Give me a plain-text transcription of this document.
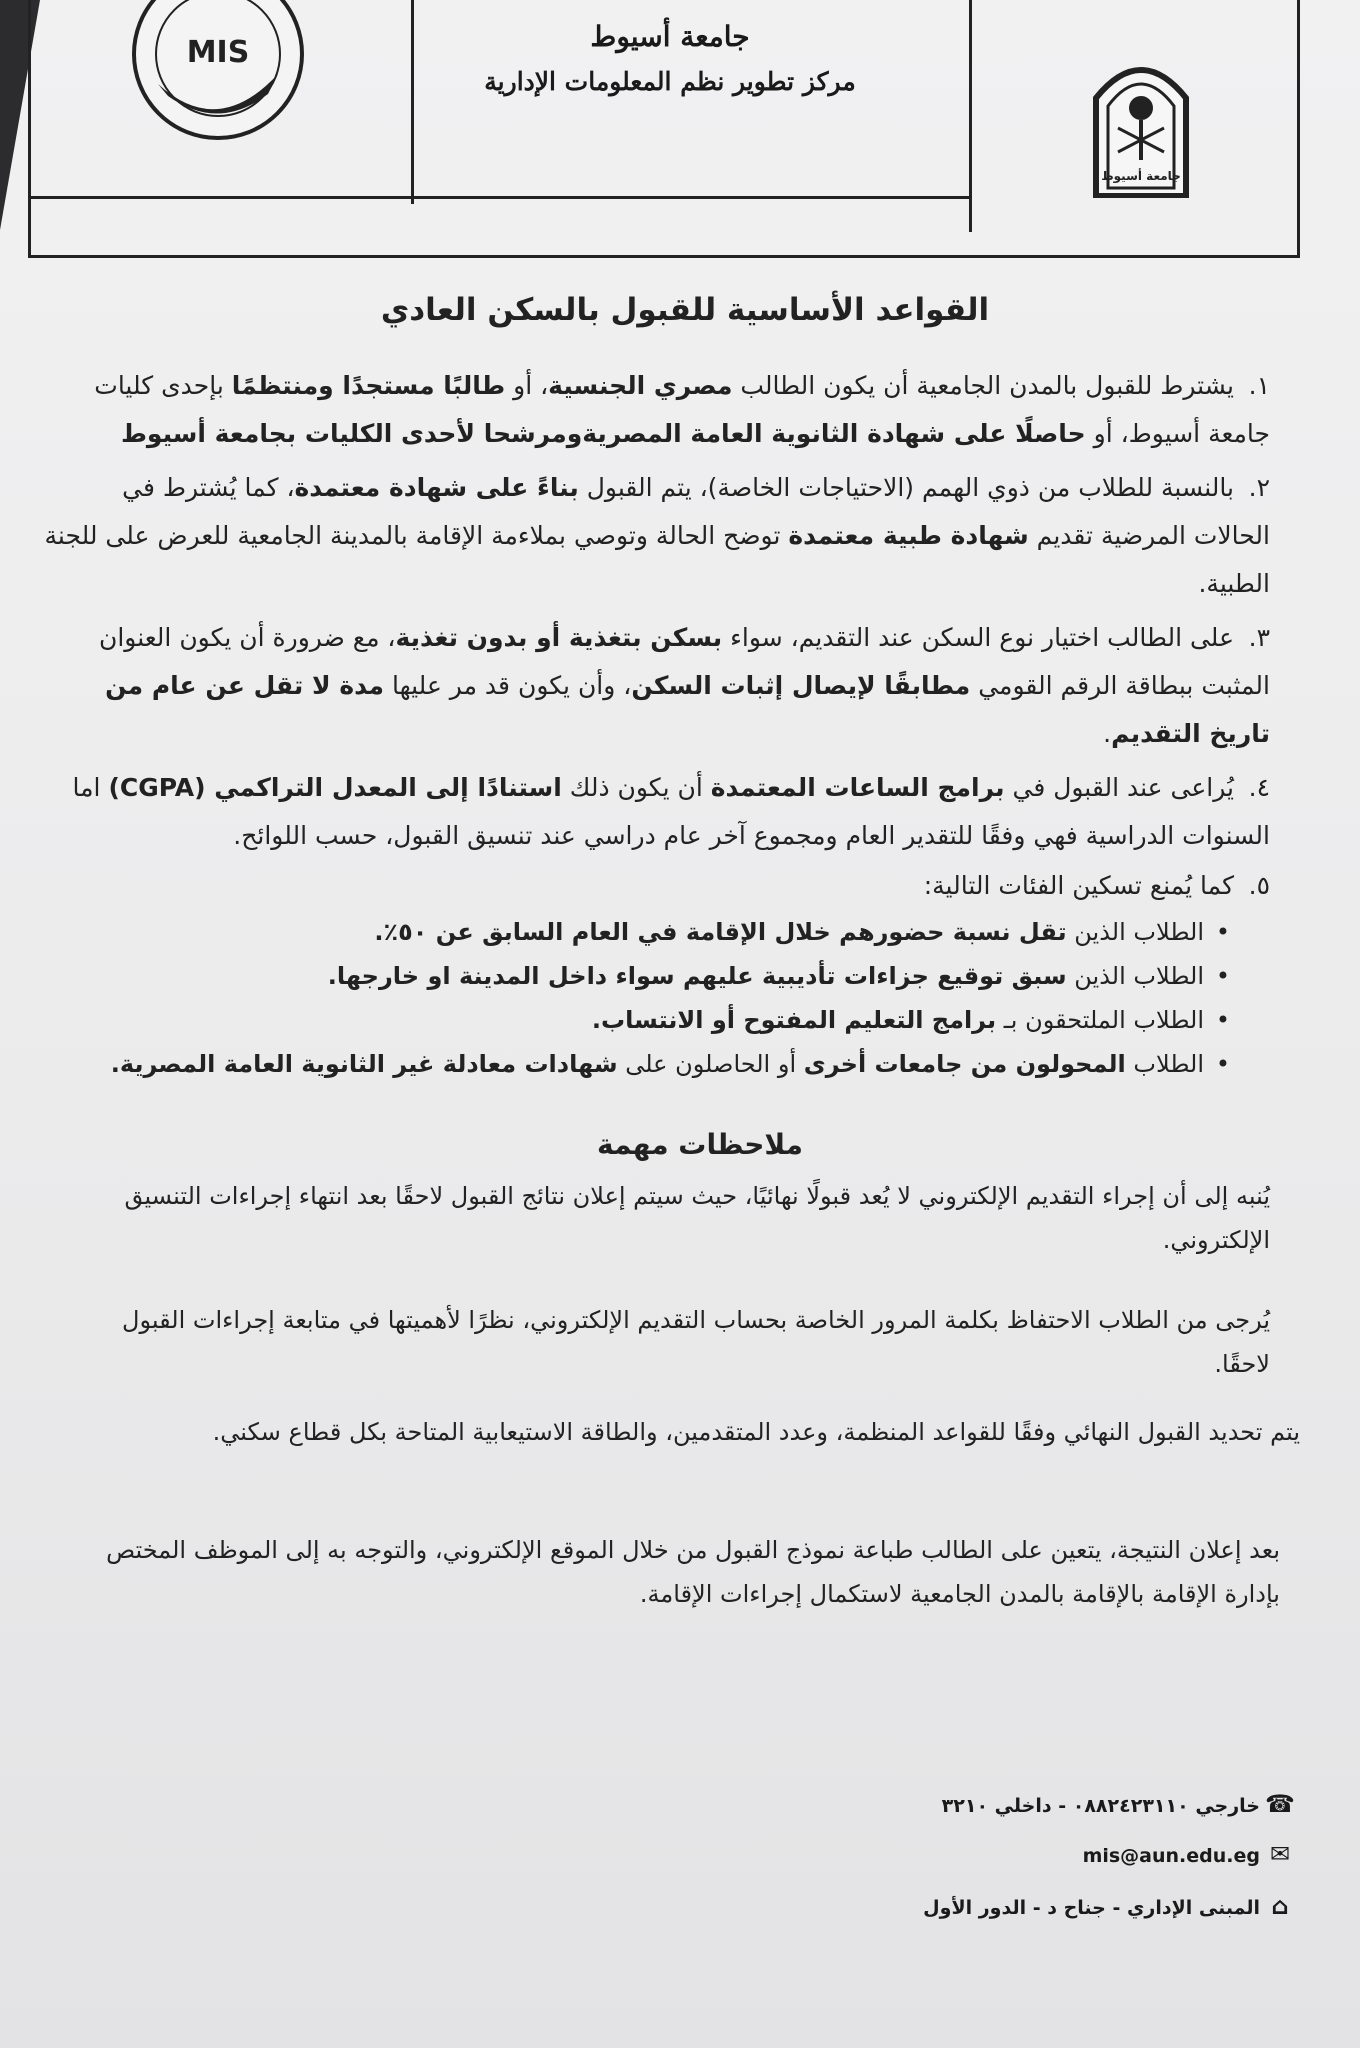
MIS
جامعة أسيوط
جامعة أسيوط
مركز تطوير نظم المعلومات الإدارية
القواعد الأساسية للقبول بالسكن العادي
١.يشترط للقبول بالمدن الجامعية أن يكون الطالب مصري الجنسية، أو طالبًا مستجدًا ومنتظمًا بإحدى كليات جامعة أسيوط، أو حاصلًا على شهادة الثانوية العامة المصريةومرشحا لأحدى الكليات بجامعة أسيوط
٢.بالنسبة للطلاب من ذوي الهمم (الاحتياجات الخاصة)، يتم القبول بناءً على شهادة معتمدة، كما يُشترط في الحالات المرضية تقديم شهادة طبية معتمدة توضح الحالة وتوصي بملاءمة الإقامة بالمدينة الجامعية للعرض على للجنة الطبية.
٣.على الطالب اختيار نوع السكن عند التقديم، سواء بسكن بتغذية أو بدون تغذية، مع ضرورة أن يكون العنوان المثبت ببطاقة الرقم القومي مطابقًا لإيصال إثبات السكن، وأن يكون قد مر عليها مدة لا تقل عن عام من تاريخ التقديم.
٤.يُراعى عند القبول في برامج الساعات المعتمدة أن يكون ذلك استنادًا إلى المعدل التراكمي (CGPA) اما السنوات الدراسية فهي وفقًا للتقدير العام ومجموع آخر عام دراسي عند تنسيق القبول، حسب اللوائح.
٥.كما يُمنع تسكين الفئات التالية:
•الطلاب الذين تقل نسبة حضورهم خلال الإقامة في العام السابق عن ٥٠٪.
•الطلاب الذين سبق توقيع جزاءات تأديبية عليهم سواء داخل المدينة او خارجها.
•الطلاب الملتحقون بـ برامج التعليم المفتوح أو الانتساب.
•الطلاب المحولون من جامعات أخرى أو الحاصلون على شهادات معادلة غير الثانوية العامة المصرية.
ملاحظات مهمة
يُنبه إلى أن إجراء التقديم الإلكتروني لا يُعد قبولًا نهائيًا، حيث سيتم إعلان نتائج القبول لاحقًا بعد انتهاء إجراءات التنسيق الإلكتروني.
يُرجى من الطلاب الاحتفاظ بكلمة المرور الخاصة بحساب التقديم الإلكتروني، نظرًا لأهميتها في متابعة إجراءات القبول لاحقًا.
يتم تحديد القبول النهائي وفقًا للقواعد المنظمة، وعدد المتقدمين، والطاقة الاستيعابية المتاحة بكل قطاع سكني.
بعد إعلان النتيجة، يتعين على الطالب طباعة نموذج القبول من خلال الموقع الإلكتروني، والتوجه به إلى الموظف المختص بإدارة الإقامة بالإقامة بالمدن الجامعية لاستكمال إجراءات الإقامة.
☎خارجي ٠٨٨٢٤٢٣١١٠ - داخلي ٣٢١٠
✉mis@aun.edu.eg
⌂المبنى الإداري - جناح د - الدور الأول
